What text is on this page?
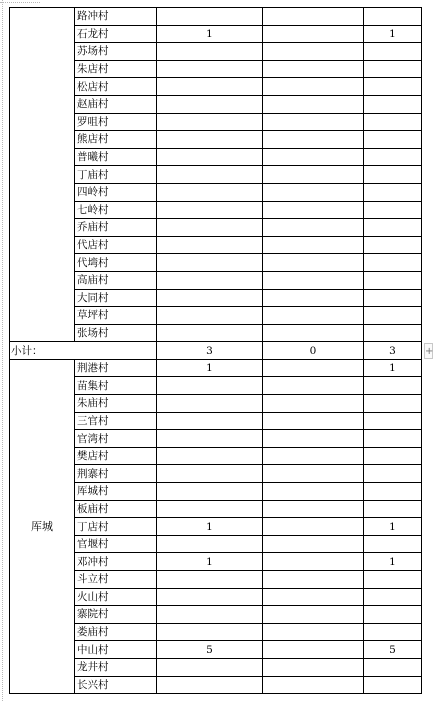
	路冲村			
	石龙村	1		1
	苏场村			
	朱店村			
	松店村			
	赵庙村			
	罗咀村			
	熊店村			
	普曦村			
	丁庙村			
	四岭村			
	七岭村			
	乔庙村			
	代店村			
	代塆村			
	高庙村			
	大同村			
	草坪村			
	张场村			
小计：		3	0	3
厍城	荆港村	1		1
	苗集村			
	朱庙村			
	三官村			
	官湾村			
	樊店村			
	荆寨村			
	厍城村			
	板庙村			
	丁店村	1		1
	官堰村			
	邓冲村	1		1
	斗立村			
	火山村			
	寨院村			
	娄庙村			
	中山村	5		5
	龙井村			
	长兴村			
+
